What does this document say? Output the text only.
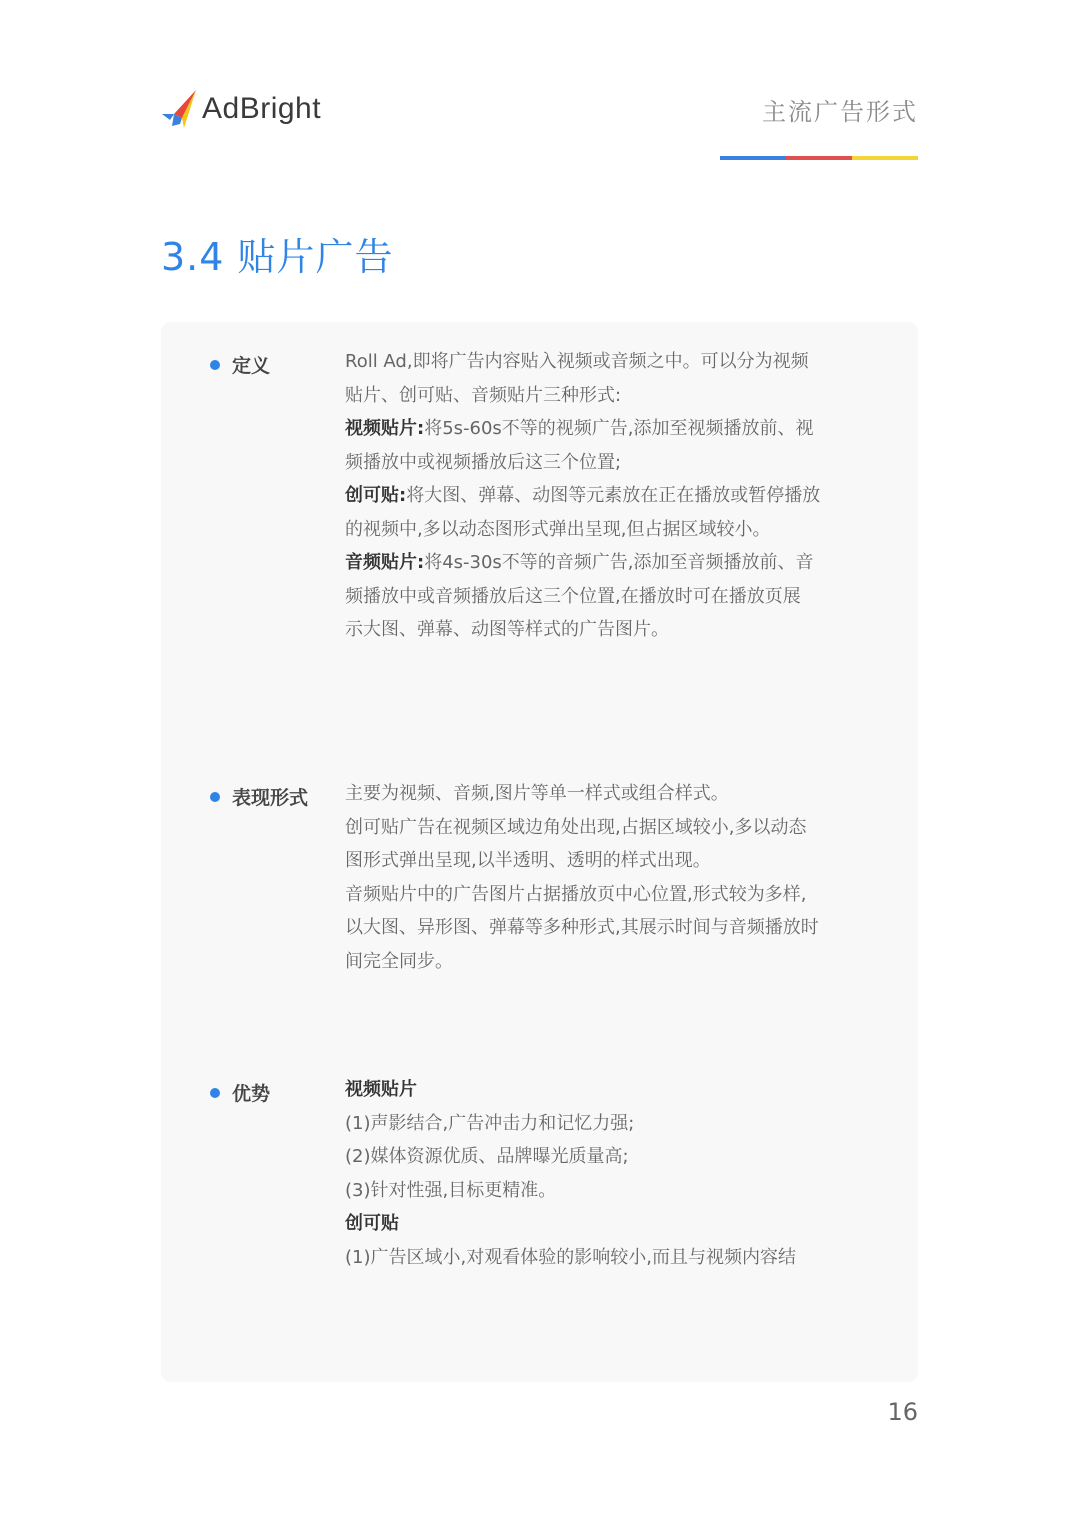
AdBright	主流广告形式
3.4 贴片广告
定义	Roll Ad,即将广告内容贴入视频或音频之中。可以分为视频
贴片、创可贴、音频贴片三种形式:
视频贴片:将5s-60s不等的视频广告,添加至视频播放前、视
频播放中或视频播放后这三个位置;
创可贴:将大图、弹幕、动图等元素放在正在播放或暂停播放
的视频中,多以动态图形式弹出呈现,但占据区域较小。
音频贴片:将4s-30s不等的音频广告,添加至音频播放前、音
频播放中或音频播放后这三个位置,在播放时可在播放页展
示大图、弹幕、动图等样式的广告图片。
表现形式 主要为视频、音频,图片等单一样式或组合样式。
创可贴广告在视频区域边角处出现,占据区域较小,多以动态
图形式弹出呈现,以半透明、透明的样式出现。
音频贴片中的广告图片占据播放页中心位置,形式较为多样,
以大图、异形图、弹幕等多种形式,其展示时间与音频播放时
间完全同步。
优势	视频贴片
(1)声影结合,广告冲击力和记忆力强;
(2)媒体资源优质、品牌曝光质量高;
(3)针对性强,目标更精准。
创可贴
(1)广告区域小,对观看体验的影响较小,而且与视频内容结
16
